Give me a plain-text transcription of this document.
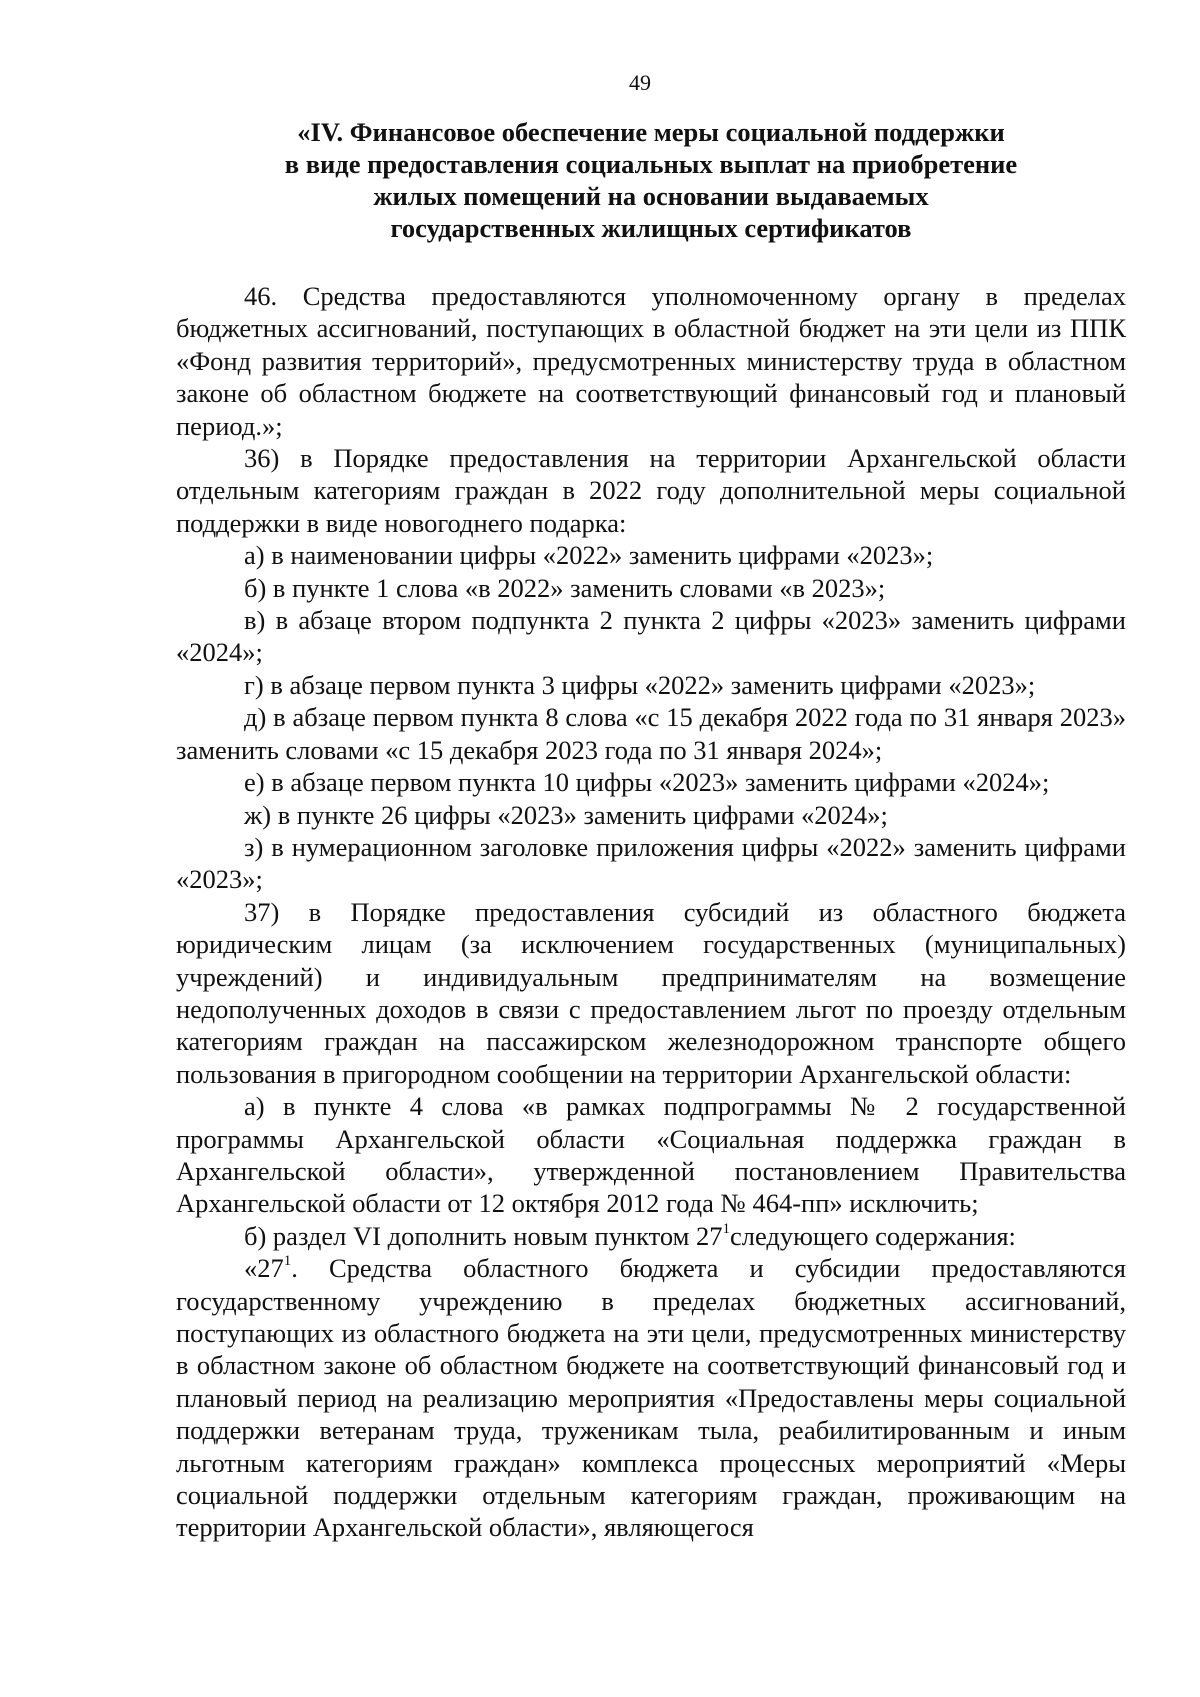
49
«IV. Финансовое обеспечение меры социальной поддержки
в виде предоставления социальных выплат на приобретение
жилых помещений на основании выдаваемых
государственных жилищных сертификатов

46. Средства предоставляются уполномоченному органу в пределах бюджетных ассигнований, поступающих в областной бюджет на эти цели из ППК «Фонд развития территорий», предусмотренных министерству труда в областном законе об областном бюджете на соответствующий финансовый год и плановый период.»;

36) в Порядке предоставления на территории Архангельской области отдельным категориям граждан в 2022 году дополнительной меры социальной поддержки в виде новогоднего подарка:

а) в наименовании цифры «2022» заменить цифрами «2023»;

б) в пункте 1 слова «в 2022» заменить словами «в 2023»;

в) в абзаце втором подпункта 2 пункта 2 цифры «2023» заменить цифрами «2024»;

г) в абзаце первом пункта 3 цифры «2022» заменить цифрами «2023»;

д) в абзаце первом пункта 8 слова «с 15 декабря 2022 года по 31 января 2023» заменить словами «с 15 декабря 2023 года по 31 января 2024»;

е) в абзаце первом пункта 10 цифры «2023» заменить цифрами «2024»;

ж) в пункте 26 цифры «2023» заменить цифрами «2024»;

з) в нумерационном заголовке приложения цифры «2022» заменить цифрами «2023»;

37) в Порядке предоставления субсидий из областного бюджета юридическим лицам (за исключением государственных (муниципальных) учреждений) и индивидуальным предпринимателям на возмещение недополученных доходов в связи с предоставлением льгот по проезду отдельным категориям граждан на пассажирском железнодорожном транспорте общего пользования в пригородном сообщении на территории Архангельской области:

а) в пункте 4 слова «в рамках подпрограммы № 2 государственной программы Архангельской области «Социальная поддержка граждан в Архангельской области», утвержденной постановлением Правительства Архангельской области от 12 октября 2012 года № 464-пп» исключить;

б) раздел VI дополнить новым пунктом $27^1следующего$ содержания:

«$27^1$. Средства областного бюджета и субсидии предоставляются государственному учреждению в пределах бюджетных ассигнований, поступающих из областного бюджета на эти цели, предусмотренных министерству в областном законе об областном бюджете на соответствующий финансовый год и плановый период на реализацию мероприятия «Предоставлены меры социальной поддержки ветеранам труда, труженикам тыла, реабилитированным и иным льготным категориям граждан» комплекса процессных мероприятий «Меры социальной поддержки отдельным категориям граждан, проживающим на территории Архангельской области», являющегося
